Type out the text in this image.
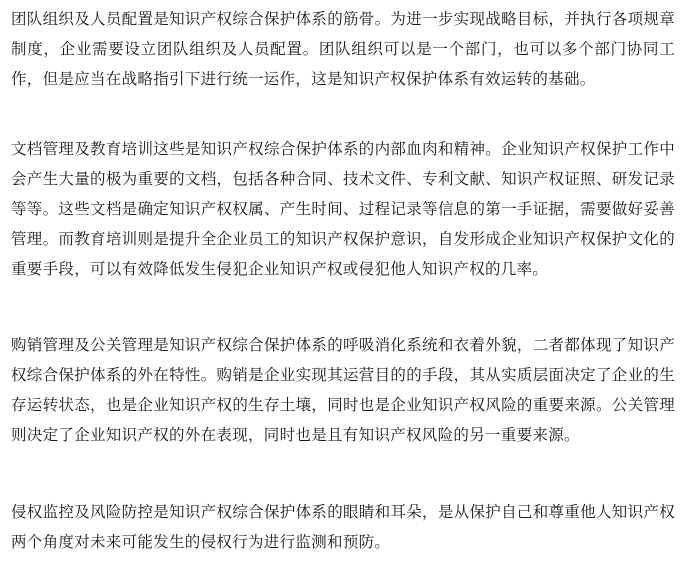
团队组织及人员配置是知识产权综合保护体系的筋骨。为进一步实现战略目标，并执行各项规章制度，企业需要设立团队组织及人员配置。团队组织可以是一个部门，也可以多个部门协同工作，但是应当在战略指引下进行统一运作，这是知识产权保护体系有效运转的基础。

文档管理及教育培训这些是知识产权综合保护体系的内部血肉和精神。企业知识产权保护工作中会产生大量的极为重要的文档，包括各种合同、技术文件、专利文献、知识产权证照、研发记录等等。这些文档是确定知识产权权属、产生时间、过程记录等信息的第一手证据，需要做好妥善管理。而教育培训则是提升全企业员工的知识产权保护意识，自发形成企业知识产权保护文化的重要手段，可以有效降低发生侵犯企业知识产权或侵犯他人知识产权的几率。

购销管理及公关管理是知识产权综合保护体系的呼吸消化系统和衣着外貌，二者都体现了知识产权综合保护体系的外在特性。购销是企业实现其运营目的的手段，其从实质层面决定了企业的生存运转状态，也是企业知识产权的生存土壤，同时也是企业知识产权风险的重要来源。公关管理则决定了企业知识产权的外在表现，同时也是且有知识产权风险的另一重要来源。

侵权监控及风险防控是知识产权综合保护体系的眼睛和耳朵，是从保护自己和尊重他人知识产权两个角度对未来可能发生的侵权行为进行监测和预防。
